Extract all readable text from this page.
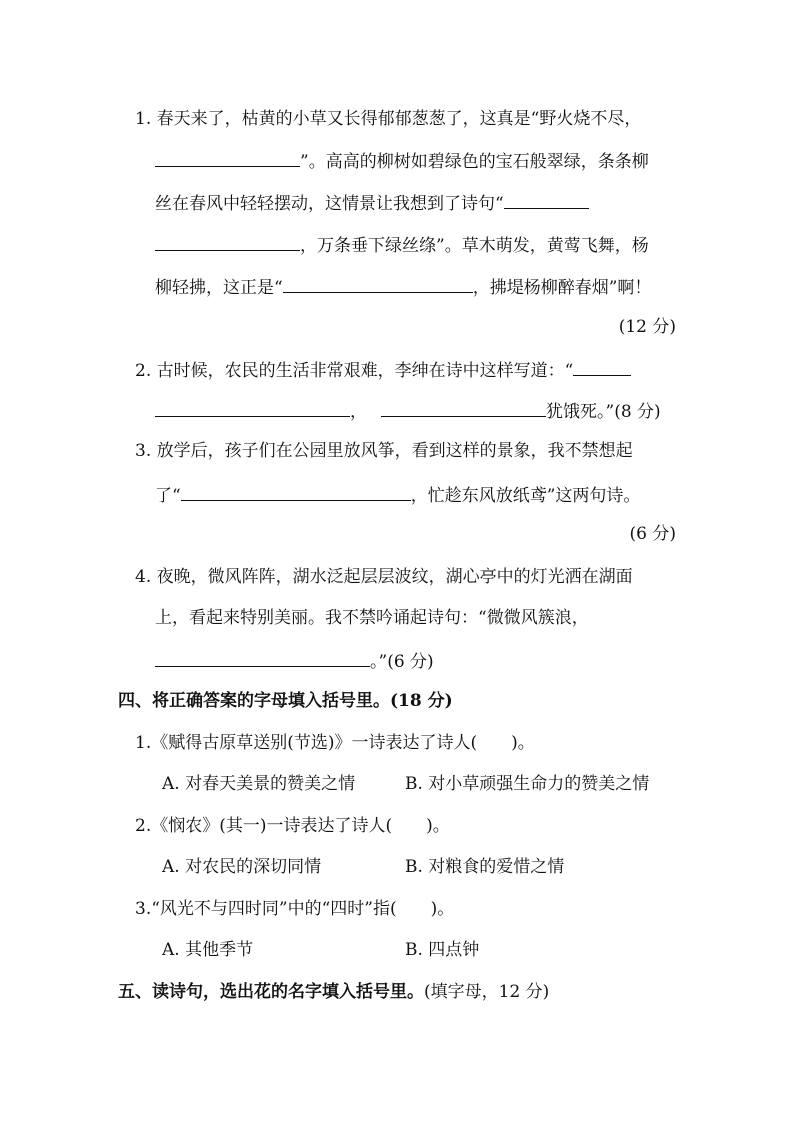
1. 春天来了，枯黄的小草又长得郁郁葱葱了，这真是“野火烧不尽，
”。高高的柳树如碧绿色的宝石般翠绿，条条柳
丝在春风中轻轻摆动，这情景让我想到了诗句“
，万条垂下绿丝绦”。草木萌发，黄莺飞舞，杨
柳轻拂，这正是“	，拂堤杨柳醉春烟”啊！
(12 分)
2. 古时候，农民的生活非常艰难，李绅在诗中这样写道：“
，	犹饿死。”(8 分)
3. 放学后，孩子们在公园里放风筝，看到这样的景象，我不禁想起
了“	，忙趁东风放纸鸢”这两句诗。
(6 分)
4. 夜晚，微风阵阵，湖水泛起层层波纹，湖心亭中的灯光洒在湖面
上，看起来特别美丽。我不禁吟诵起诗句：“微微风簇浪，
。”(6 分)
四、将正确答案的字母填入括号里。(18 分)
1.《赋得古原草送别(节选)》一诗表达了诗人(　　)。
A. 对春天美景的赞美之情	B. 对小草顽强生命力的赞美之情
2.《悯农》(其一)一诗表达了诗人(　　)。
A. 对农民的深切同情	B. 对粮食的爱惜之情
3.“风光不与四时同”中的“四时”指(　　)。
A. 其他季节	B. 四点钟
五、读诗句，选出花的名字填入括号里。(填字母，12 分)
